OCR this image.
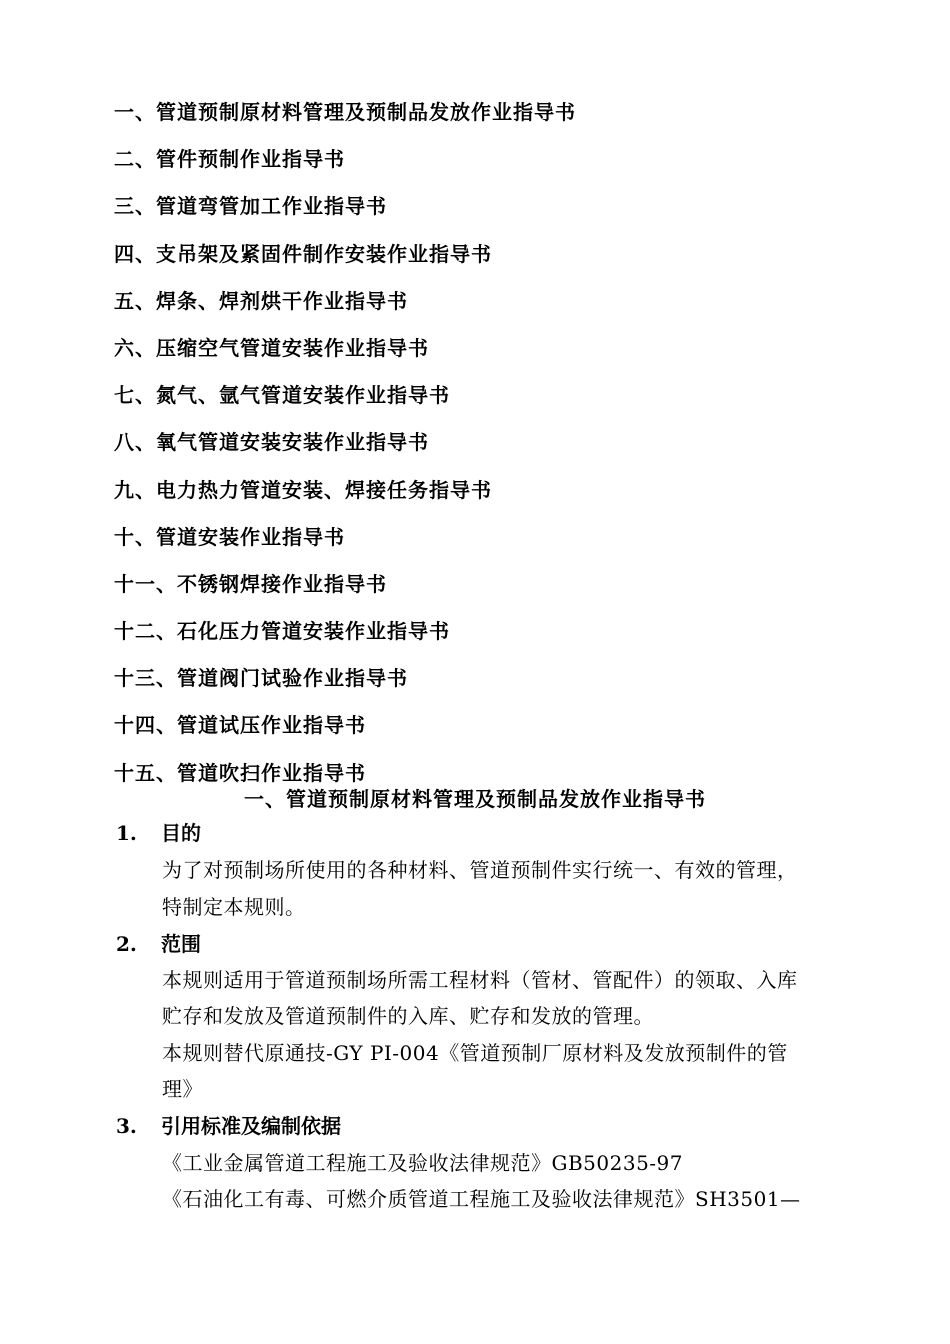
一、管道预制原材料管理及预制品发放作业指导书
二、管件预制作业指导书
三、管道弯管加工作业指导书
四、支吊架及紧固件制作安装作业指导书
五、焊条、焊剂烘干作业指导书
六、压缩空气管道安装作业指导书
七、氮气、氩气管道安装作业指导书
八、氧气管道安装安装作业指导书
九、电力热力管道安装、焊接任务指导书
十、管道安装作业指导书
十一、不锈钢焊接作业指导书
十二、石化压力管道安装作业指导书
十三、管道阀门试验作业指导书
十四、管道试压作业指导书
十五、管道吹扫作业指导书
一、管道预制原材料管理及预制品发放作业指导书
1. 目的
为了对预制场所使用的各种材料、管道预制件实行统一、有效的管理，
特制定本规则。
2. 范围
本规则适用于管道预制场所需工程材料（管材、管配件）的领取、入库
贮存和发放及管道预制件的入库、贮存和发放的管理。
本规则替代原通技-GY PI-004《管道预制厂原材料及发放预制件的管
理》
3. 引用标准及编制依据
《工业金属管道工程施工及验收法律规范》GB50235-97
《石油化工有毒、可燃介质管道工程施工及验收法律规范》SH3501—
